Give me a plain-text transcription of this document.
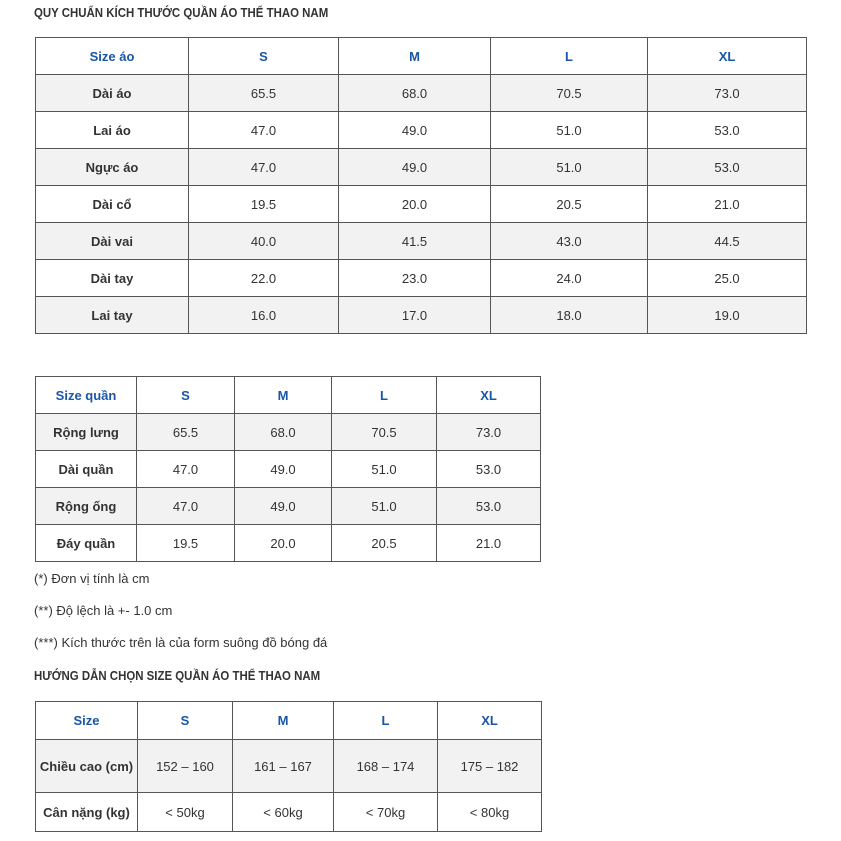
QUY CHUẨN KÍCH THƯỚC QUẦN ÁO THỂ THAO NAM
Size áo	S	M	L	XL
Dài áo	65.5	68.0	70.5	73.0
Lai áo	47.0	49.0	51.0	53.0
Ngực áo	47.0	49.0	51.0	53.0
Dài cổ	19.5	20.0	20.5	21.0
Dài vai	40.0	41.5	43.0	44.5
Dài tay	22.0	23.0	24.0	25.0
Lai tay	16.0	17.0	18.0	19.0
Size quần	S	M	L	XL
Rộng lưng	65.5	68.0	70.5	73.0
Dài quần	47.0	49.0	51.0	53.0
Rộng ống	47.0	49.0	51.0	53.0
Đáy quần	19.5	20.0	20.5	21.0

(*) Đơn vị tính là cm

(**) Độ lệch là +- 1.0 cm

(***) Kích thước trên là của form suông đồ bóng đá

HƯỚNG DẪN CHỌN SIZE QUẦN ÁO THỂ THAO NAM
Size	S	M	L	XL
Chiều cao (cm)	152 – 160	161 – 167	168 – 174	175 – 182
Cân nặng (kg)	< 50kg	< 60kg	< 70kg	< 80kg
